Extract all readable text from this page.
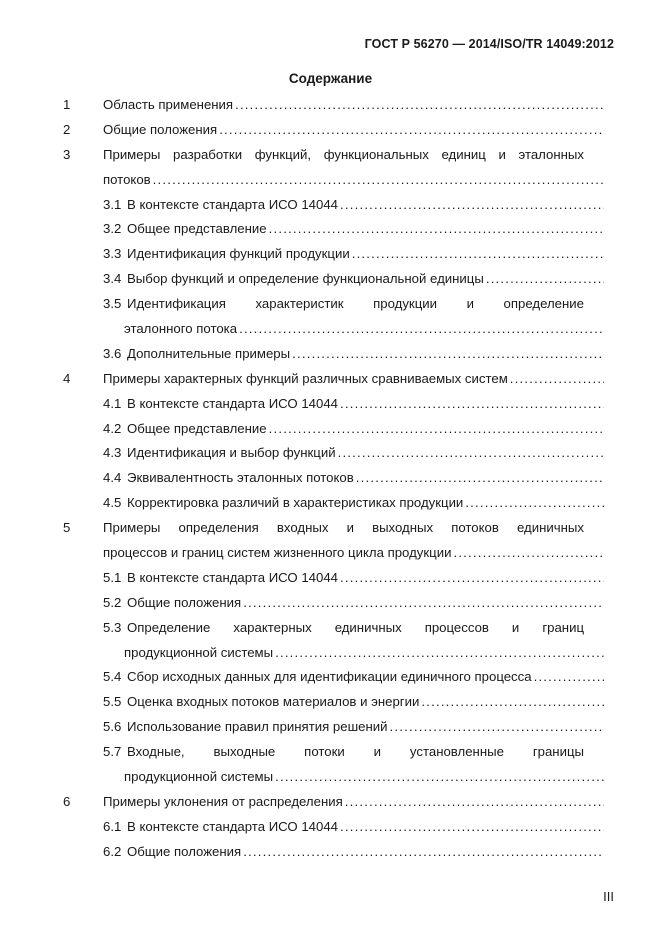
ГОСТ Р 56270 — 2014/ISO/TR 14049:2012
Содержание
1 Область применения
.....
2 Общие положения
.....
3 Примеры разработки функций, функциональных единиц и эталонных
потоков
.....
3.1 В контексте стандарта ИСО 14044
.....
3.2 Общее представление
.....
3.3 Идентификация функций продукции
.....
3.4 Выбор функций и определение функциональной единицы
.....
3.5 Идентификация характеристик продукции и определение
эталонного потока
.....
3.6 Дополнительные примеры
.....
4 Примеры характерных функций различных сравниваемых систем
.....
4.1 В контексте стандарта ИСО 14044
.....
4.2 Общее представление
.....
4.3 Идентификация и выбор функций
.....
4.4 Эквивалентность эталонных потоков
.....
4.5 Корректировка различий в характеристиках продукции
.....
5 Примеры определения входных и выходных потоков единичных
процессов и границ систем жизненного цикла продукции
.....
5.1 В контексте стандарта ИСО 14044
.....
5.2 Общие положения
.....
5.3 Определение характерных единичных процессов и границ
продукционной системы
.....
5.4 Сбор исходных данных для идентификации единичного процесса
.....
5.5 Оценка входных потоков материалов и энергии
.....
5.6 Использование правил принятия решений
.....
5.7 Входные, выходные потоки и установленные границы
продукционной системы
.....
6 Примеры уклонения от распределения
.....
6.1 В контексте стандарта ИСО 14044
.....
6.2 Общие положения
.....
III
